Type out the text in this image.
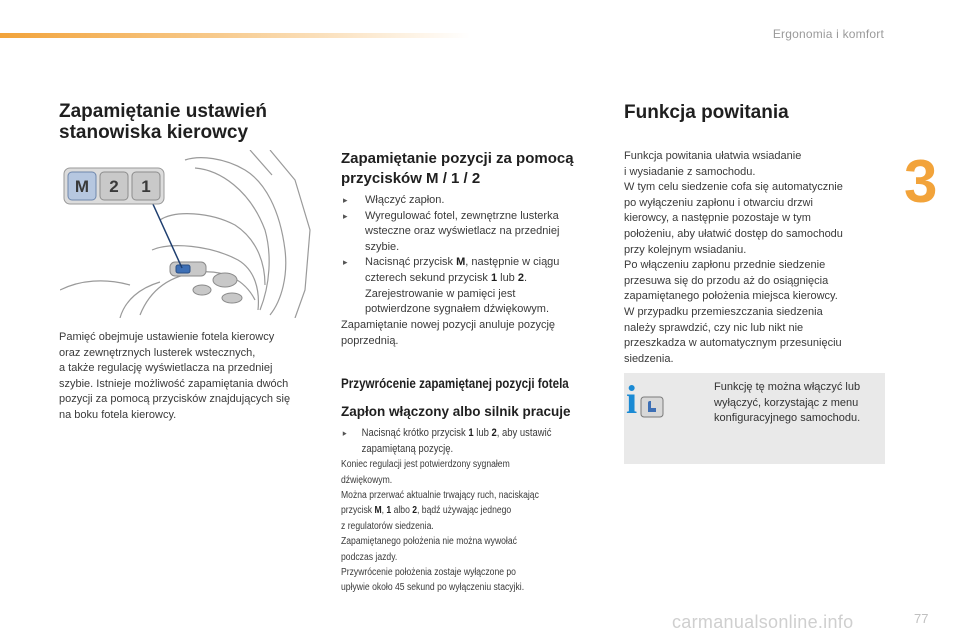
Ergonomia i komfort
3
Zapamiętanie ustawień
stanowiska kierowcy
M 2 1
Pamięć obejmuje ustawienie fotela kierowcy
oraz zewnętrznych lusterek wstecznych,
a także regulację wyświetlacza na przedniej
szybie. Istnieje możliwość zapamiętania dwóch
pozycji za pomocą przycisków znajdujących się
na boku fotela kierowcy.
Zapamiętanie pozycji za pomocą
przycisków M / 1 / 2
▸ Włączyć zapłon.
▸ Wyregulować fotel, zewnętrzne lusterka
wsteczne oraz wyświetlacz na przedniej
szybie.
▸ Nacisnąć przycisk M, następnie w ciągu
czterech sekund przycisk 1 lub 2.
Zarejestrowanie w pamięci jest
potwierdzone sygnałem dźwiękowym.
Zapamiętanie nowej pozycji anuluje pozycję
poprzednią.
Przywrócenie zapamiętanej pozycji fotela
Zapłon włączony albo silnik pracuje
▸ Nacisnąć krótko przycisk 1 lub 2, aby ustawić
zapamiętaną pozycję.
Koniec regulacji jest potwierdzony sygnałem
dźwiękowym.
Można przerwać aktualnie trwający ruch, naciskając
przycisk M, 1 albo 2, bądź używając jednego
z regulatorów siedzenia.
Zapamiętanego położenia nie można wywołać
podczas jazdy.
Przywrócenie położenia zostaje wyłączone po
upływie około 45 sekund po wyłączeniu stacyjki.
Funkcja powitania
Funkcja powitania ułatwia wsiadanie
i wysiadanie z samochodu.
W tym celu siedzenie cofa się automatycznie
po wyłączeniu zapłonu i otwarciu drzwi
kierowcy, a następnie pozostaje w tym
położeniu, aby ułatwić dostęp do samochodu
przy kolejnym wsiadaniu.
Po włączeniu zapłonu przednie siedzenie
przesuwa się do przodu aż do osiągnięcia
zapamiętanego położenia miejsca kierowcy.
W przypadku przemieszczania siedzenia
należy sprawdzić, czy nic lub nikt nie
przeszkadza w automatycznym przesunięciu
siedzenia.
i	Funkcję tę można włączyć lub
wyłączyć, korzystając z menu
konfiguracyjnego samochodu.
carmanualsonline.info	77
